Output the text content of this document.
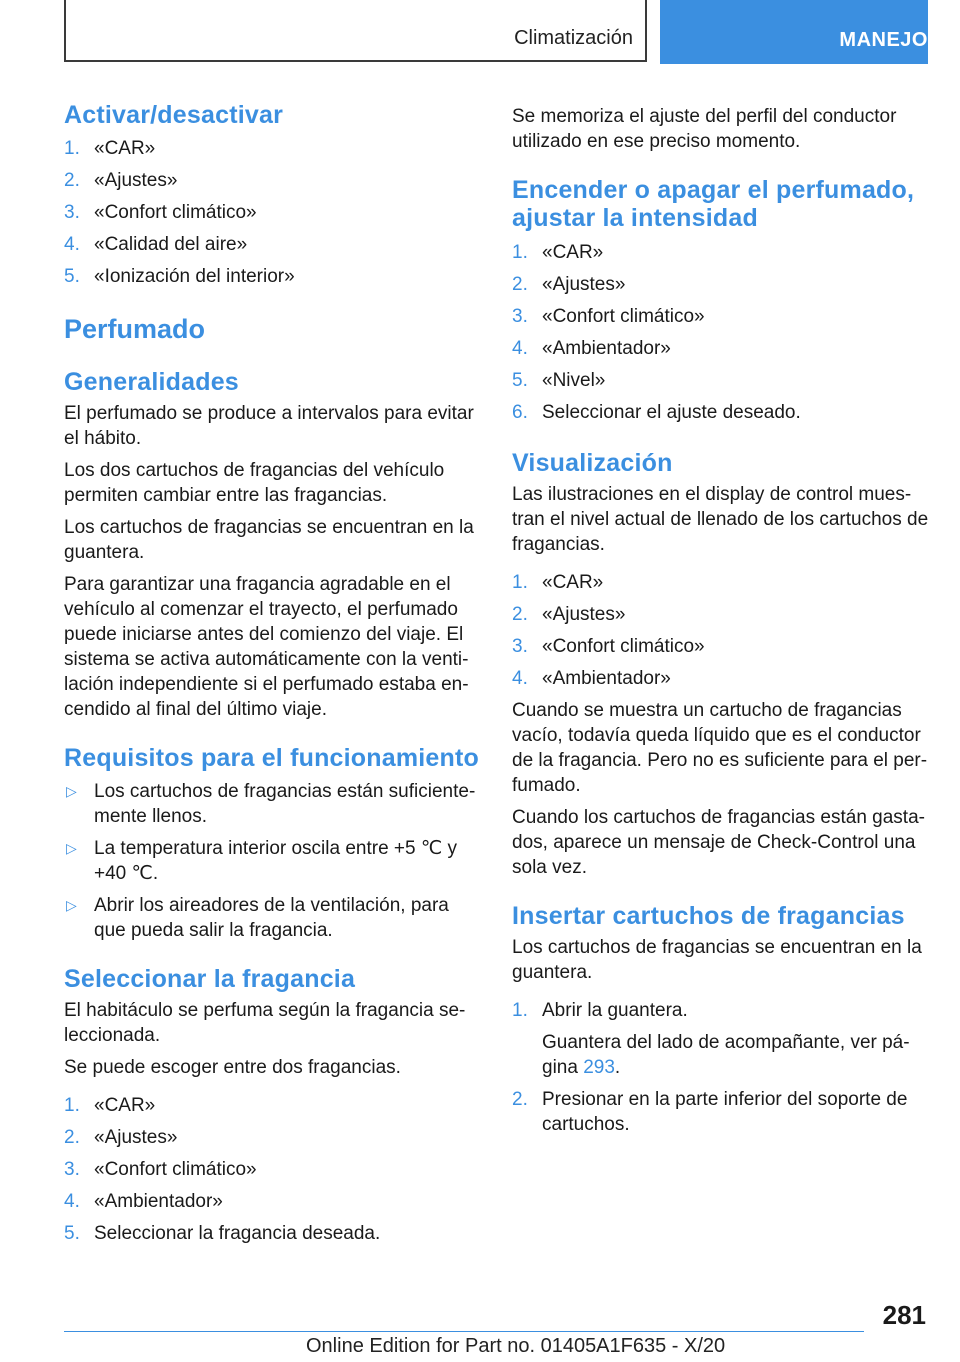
Climatización	MANEJO
Activar/desactivar
1. «CAR»
2. «Ajustes»
3. «Confort climático»
4. «Calidad del aire»
5. «Ionización del interior»
Perfumado
Generalidades

El perfumado se produce a intervalos para evitar el hábito.

Los dos cartuchos de fragancias del vehículo permiten cambiar entre las fragancias.

Los cartuchos de fragancias se encuentran en la guantera.

Para garantizar una fragancia agradable en el vehículo al comenzar el trayecto, el perfumado puede iniciarse antes del comienzo del viaje. El sistema se activa automáticamente con la ventilación independiente si el perfumado estaba encendido al final del último viaje.

Requisitos para el funcionamiento
▷ Los cartuchos de fragancias están suficientemente llenos.
▷ La temperatura interior oscila entre +5 ℃ y +40 ℃.
▷ Abrir los aireadores de la ventilación, para que pueda salir la fragancia.
Seleccionar la fragancia

El habitáculo se perfuma según la fragancia seleccionada.

Se puede escoger entre dos fragancias.

1. «CAR»
2. «Ajustes»
3. «Confort climático»
4. «Ambientador»
5. Seleccionar la fragancia deseada.

Se memoriza el ajuste del perfil del conductor utilizado en ese preciso momento.

Encender o apagar el perfumado, ajustar la intensidad
1. «CAR»
2. «Ajustes»
3. «Confort climático»
4. «Ambientador»
5. «Nivel»
6. Seleccionar el ajuste deseado.
Visualización

Las ilustraciones en el display de control muestran el nivel actual de llenado de los cartuchos de fragancias.

1. «CAR»
2. «Ajustes»
3. «Confort climático»
4. «Ambientador»

Cuando se muestra un cartucho de fragancias vacío, todavía queda líquido que es el conductor de la fragancia. Pero no es suficiente para el perfumado.

Cuando los cartuchos de fragancias están gastados, aparece un mensaje de Check-Control una sola vez.

Insertar cartuchos de fragancias

Los cartuchos de fragancias se encuentran en la guantera.

1. Abrir la guantera.
Guantera del lado de acompañante, ver página 293.
2. Presionar en la parte inferior del soporte de cartuchos.
281
Online Edition for Part no. 01405A1F635 - X/20
